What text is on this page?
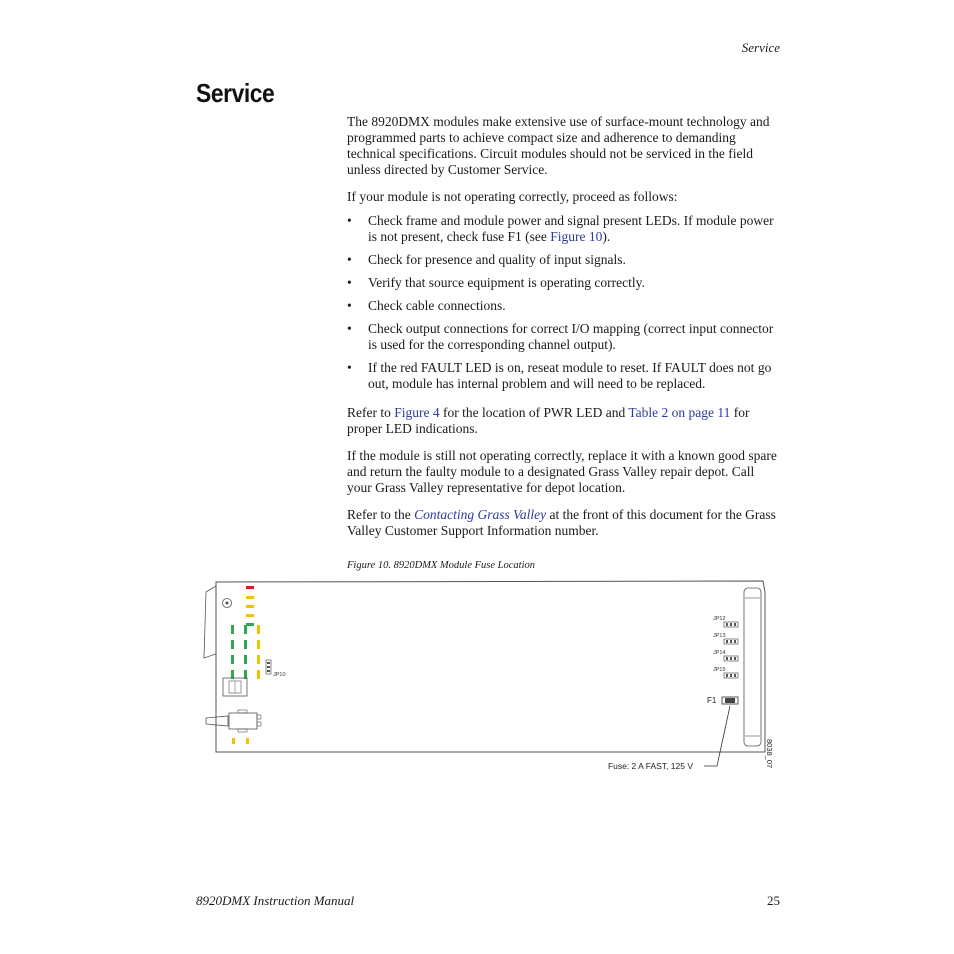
Service
Service

The 8920DMX modules make extensive use of surface-mount technology and programmed parts to achieve compact size and adherence to demanding technical specifications. Circuit modules should not be serviced in the field unless directed by Customer Service.

If your module is not operating correctly, proceed as follows:

• Check frame and module power and signal present LEDs. If module power is not present, check fuse F1 (see Figure 10).
• Check for presence and quality of input signals.
• Verify that source equipment is operating correctly.
• Check cable connections.
• Check output connections for correct I/O mapping (correct input connector is used for the corresponding channel output).
• If the red FAULT LED is on, reseat module to reset. If FAULT does not go out, module has internal problem and will need to be replaced.

Refer to Figure 4 for the location of PWR LED and Table 2 on page 11 for proper LED indications.

If the module is still not operating correctly, replace it with a known good spare and return the faulty module to a designated Grass Valley repair depot. Call your Grass Valley representative for depot location.

Refer to the Contacting Grass Valley at the front of this document for the Grass Valley Customer Support Information number.

Figure 10. 8920DMX Module Fuse Location
JP10
JP12
JP13
JP14
JP15
F1
Fuse: 2 A FAST, 125 V	8038_07
8920DMX Instruction Manual	25
